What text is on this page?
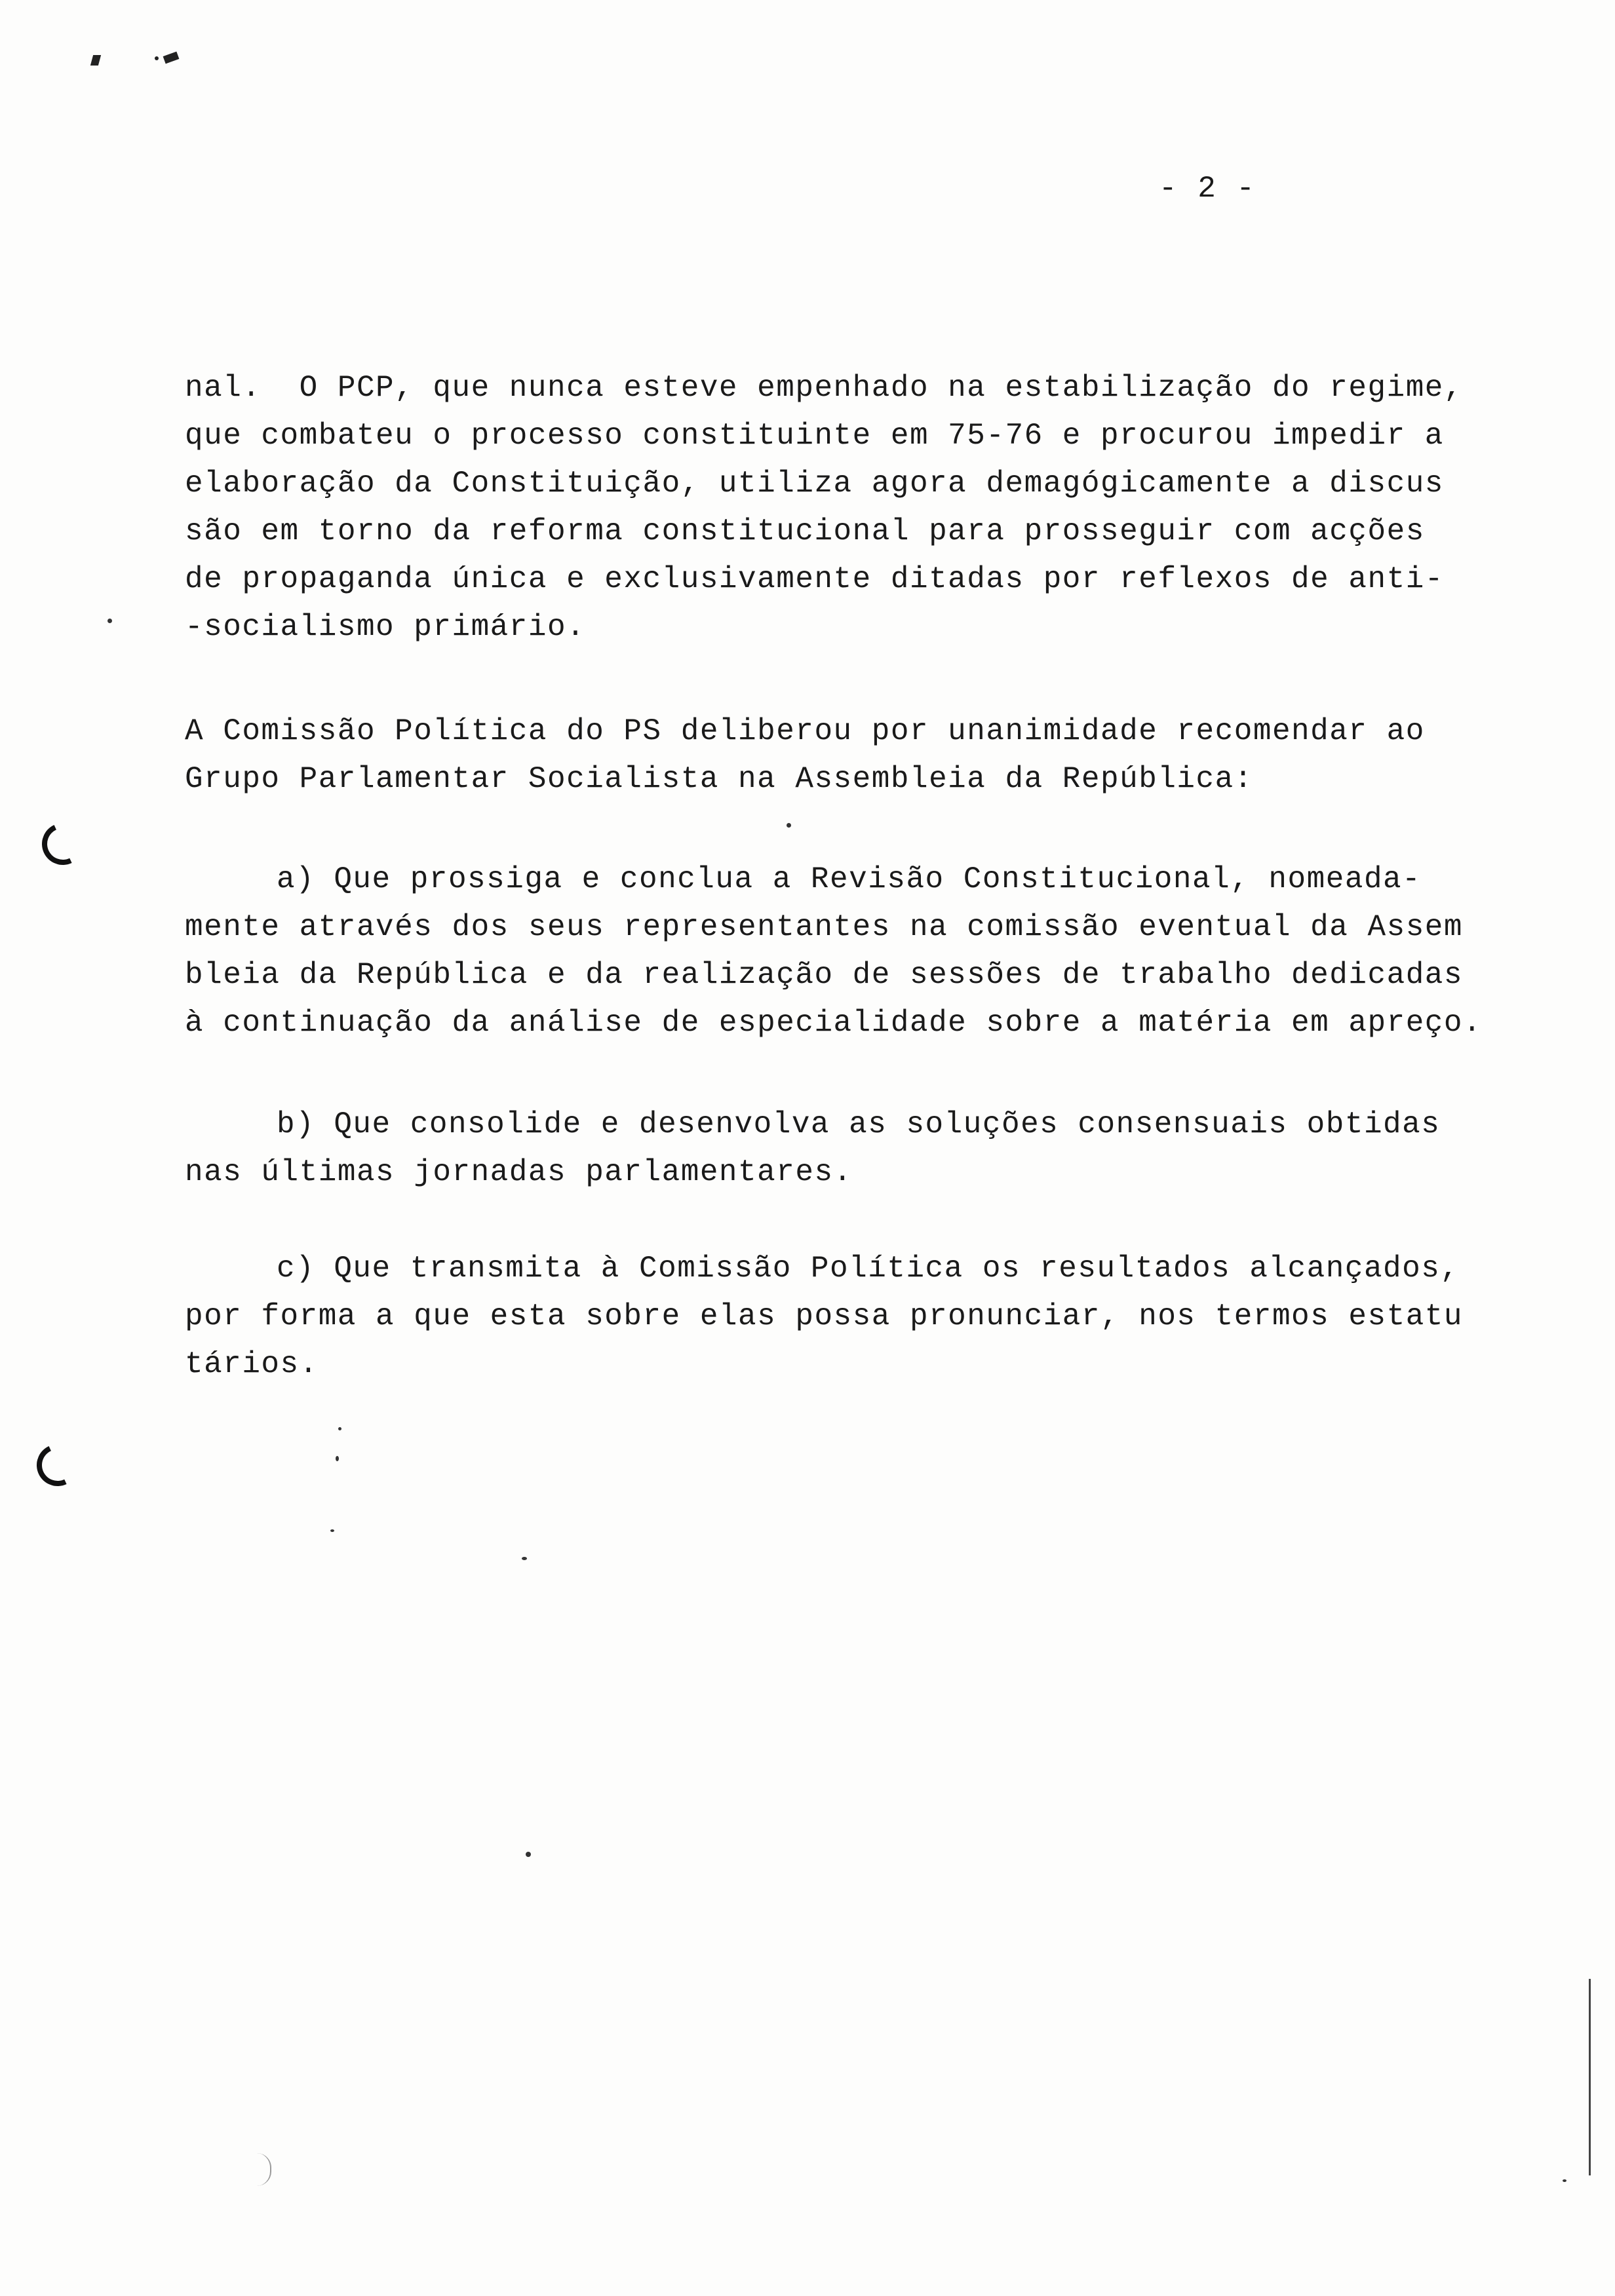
- 2 -
nal.  O PCP, que nunca esteve empenhado na estabilização do regime,
que combateu o processo constituinte em 75-76 e procurou impedir a
elaboração da Constituição, utiliza agora demagógicamente a discus
são em torno da reforma constitucional para prosseguir com acções
de propaganda única e exclusivamente ditadas por reflexos de anti-
-socialismo primário.
A Comissão Política do PS deliberou por unanimidade recomendar ao
Grupo Parlamentar Socialista na Assembleia da República:
a) Que prossiga e conclua a Revisão Constitucional, nomeada-
mente através dos seus representantes na comissão eventual da Assem
bleia da República e da realização de sessões de trabalho dedicadas
à continuação da análise de especialidade sobre a matéria em apreço.
b) Que consolide e desenvolva as soluções consensuais obtidas
nas últimas jornadas parlamentares.
c) Que transmita à Comissão Política os resultados alcançados,
por forma a que esta sobre elas possa pronunciar, nos termos estatu
tários.
